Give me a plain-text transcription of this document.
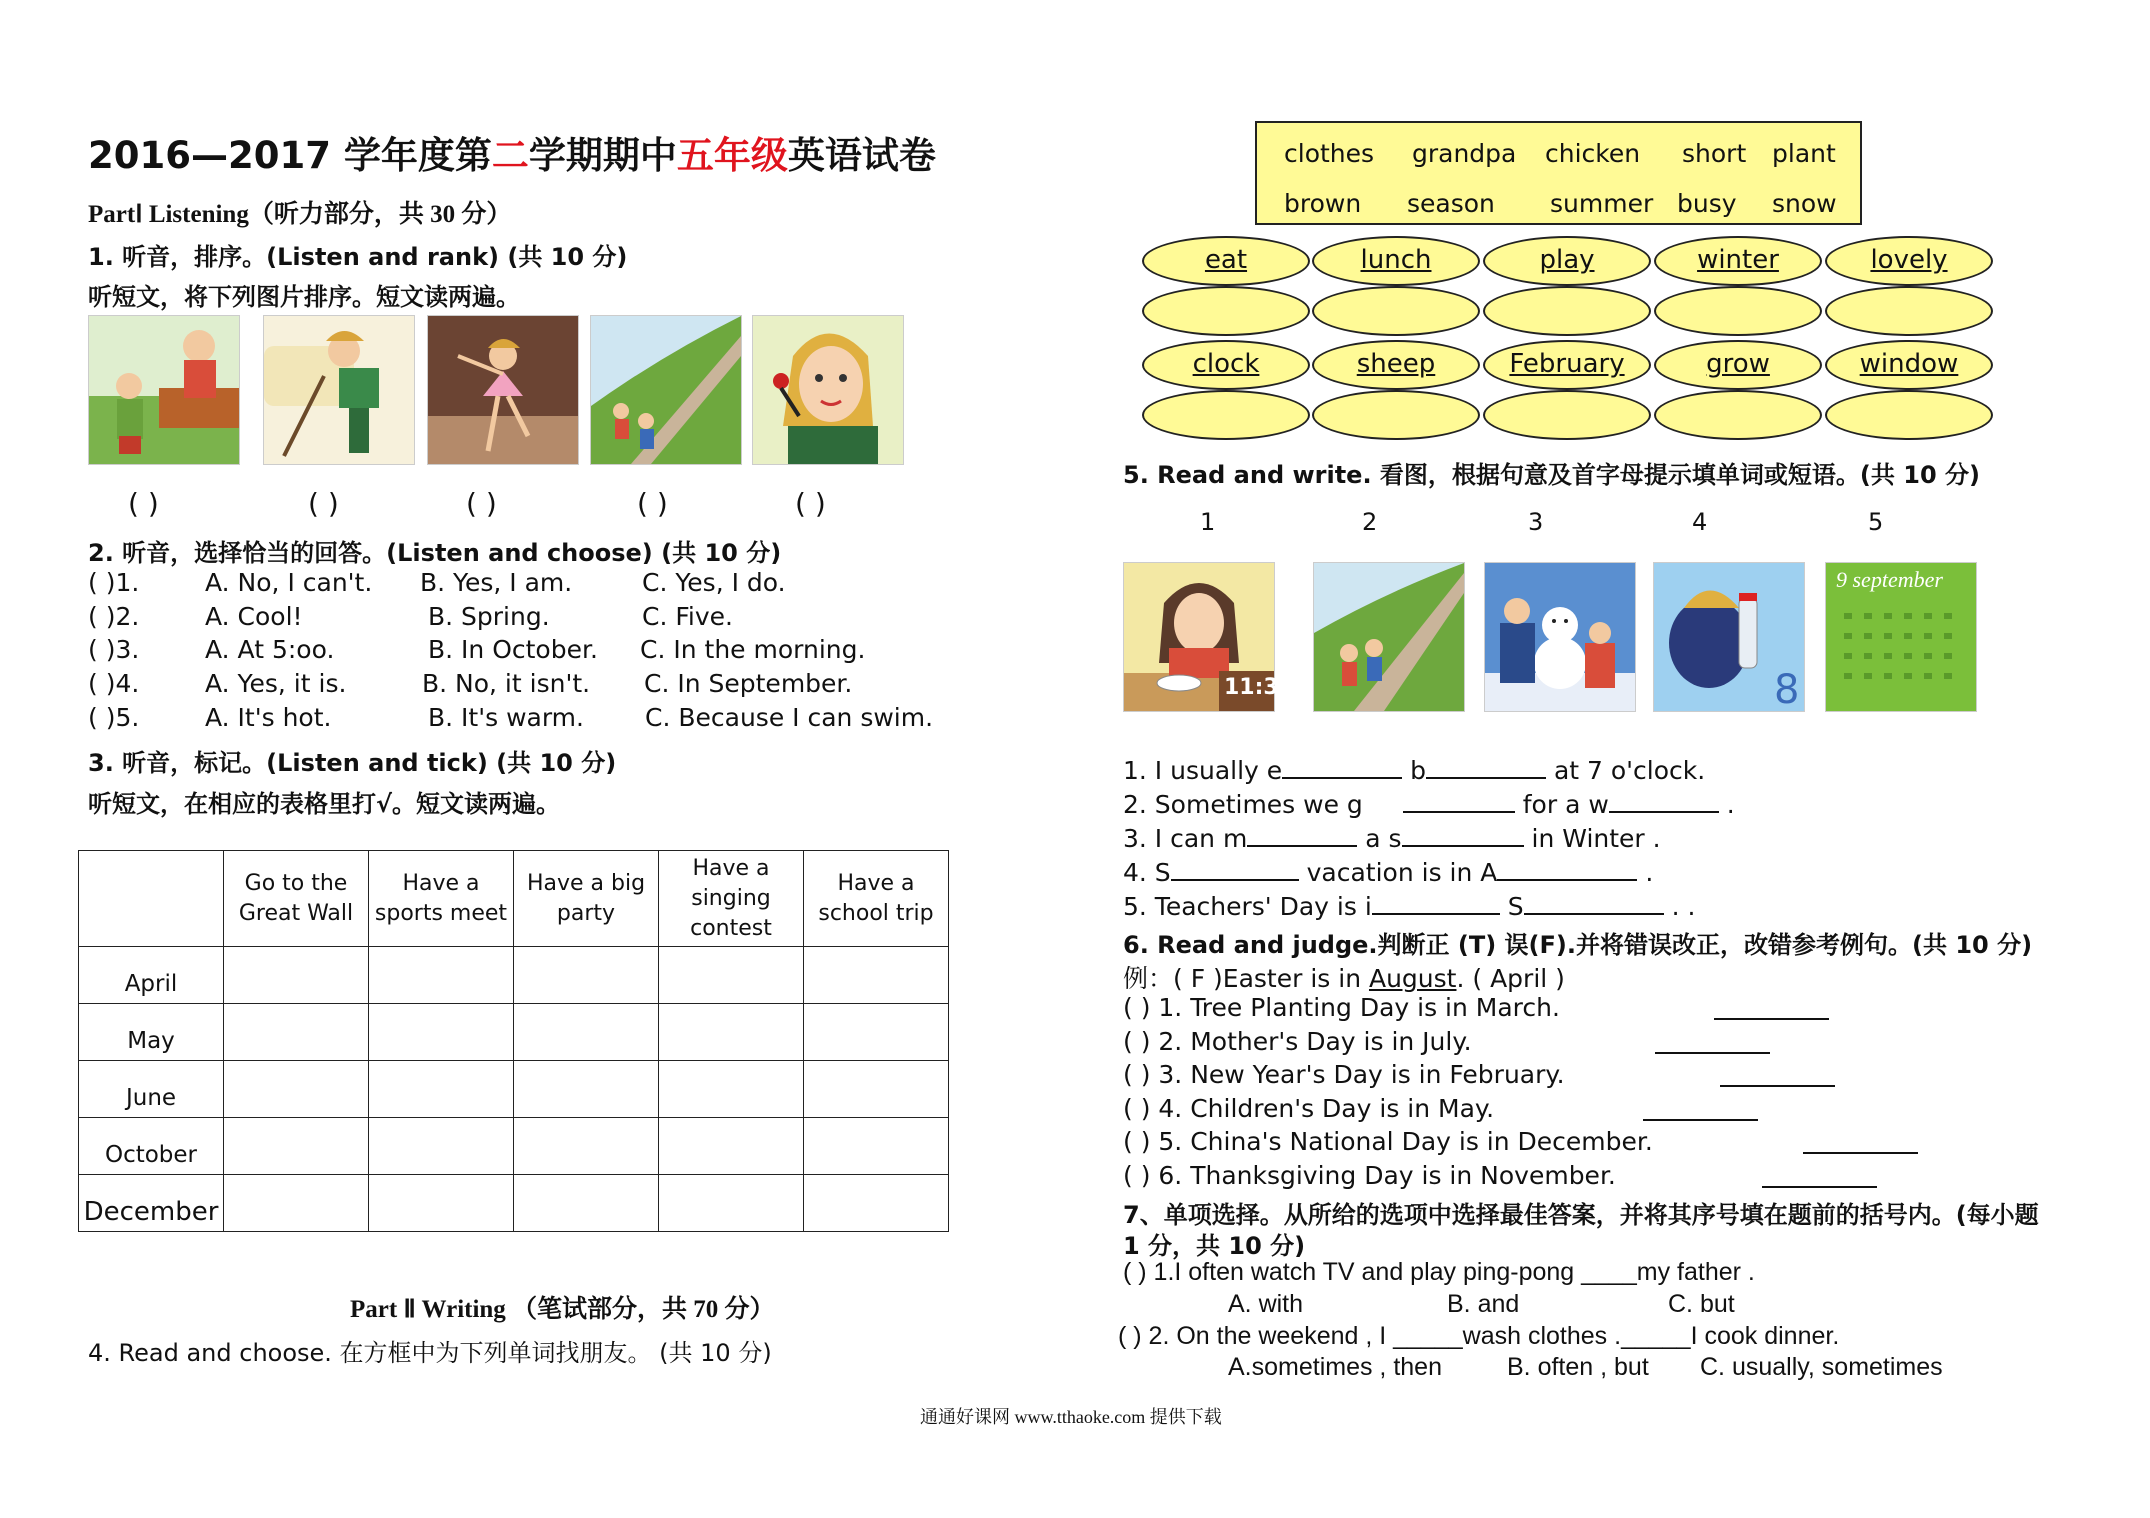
2016—2017 学年度第二学期期中五年级英语试卷
PartⅠ Listening（听力部分，共 30 分）
1. 听音，排序。(Listen and rank) (共 10 分)
听短文，将下列图片排序。短文读两遍。
( )	( )	( )	( )	( )
2. 听音，选择恰当的回答。(Listen and choose) (共 10 分)
( )1.	A. No, I can't. B. Yes, I am.	C. Yes, I do.
( )2.	A. Cool!	B. Spring.	C. Five.
( )3.	A. At 5:oo.	B. In October. C. In the morning.
( )4.	A. Yes, it is.	B. No, it isn't. C. In September.
( )5.	A. It's hot.	B. It's warm. C. Because I can swim.
3. 听音，标记。(Listen and tick) (共 10 分)
听短文，在相应的表格里打√。短文读两遍。
	Go to the Great Wall	Have a sports meet	Have a big party	Have a singing contest	Have a school trip
April					
May					
June					
October					
December					
Part Ⅱ Writing （笔试部分，共 70 分）
4. Read and choose. 在方框中为下列单词找朋友。 (共 10 分)
clothes grandpa chicken short plant
brown season summer busy snow
eat	lunch	play	winter	lovely
clock	sheep	February	grow	window
5. Read and write. 看图，根据句意及首字母提示填单词或短语。(共 10 分)
1	2	3	4	5
11:30	8
9 september
1. I usually e	b	at 7 o'clock.
2. Sometimes we g	for a w	.
3. I can m	a s	in Winter .
4. S	vacation is in A	.
5. Teachers' Day is i	S	. .
6. Read and judge.判断正 (T) 误(F).并将错误改正，改错参考例句。(共 10 分)
例：( F )Easter is in August. ( April )
( ) 1. Tree Planting Day is in March.
( ) 2. Mother's Day is in July.
( ) 3. New Year's Day is in February.
( ) 4. Children's Day is in May.
( ) 5. China's National Day is in December.
( ) 6. Thanksgiving Day is in November.
7、单项选择。从所给的选项中选择最佳答案，并将其序号填在题前的括号内。(每小题
1 分，共 10 分)
( ) 1.I often watch TV and play ping-pong ____my father .
A. with	B. and	C. but
( ) 2. On the weekend , I _____wash clothes ._____I cook dinner.
A.sometimes , then	B. often , but C. usually, sometimes
通通好课网 www.tthaoke.com 提供下载
